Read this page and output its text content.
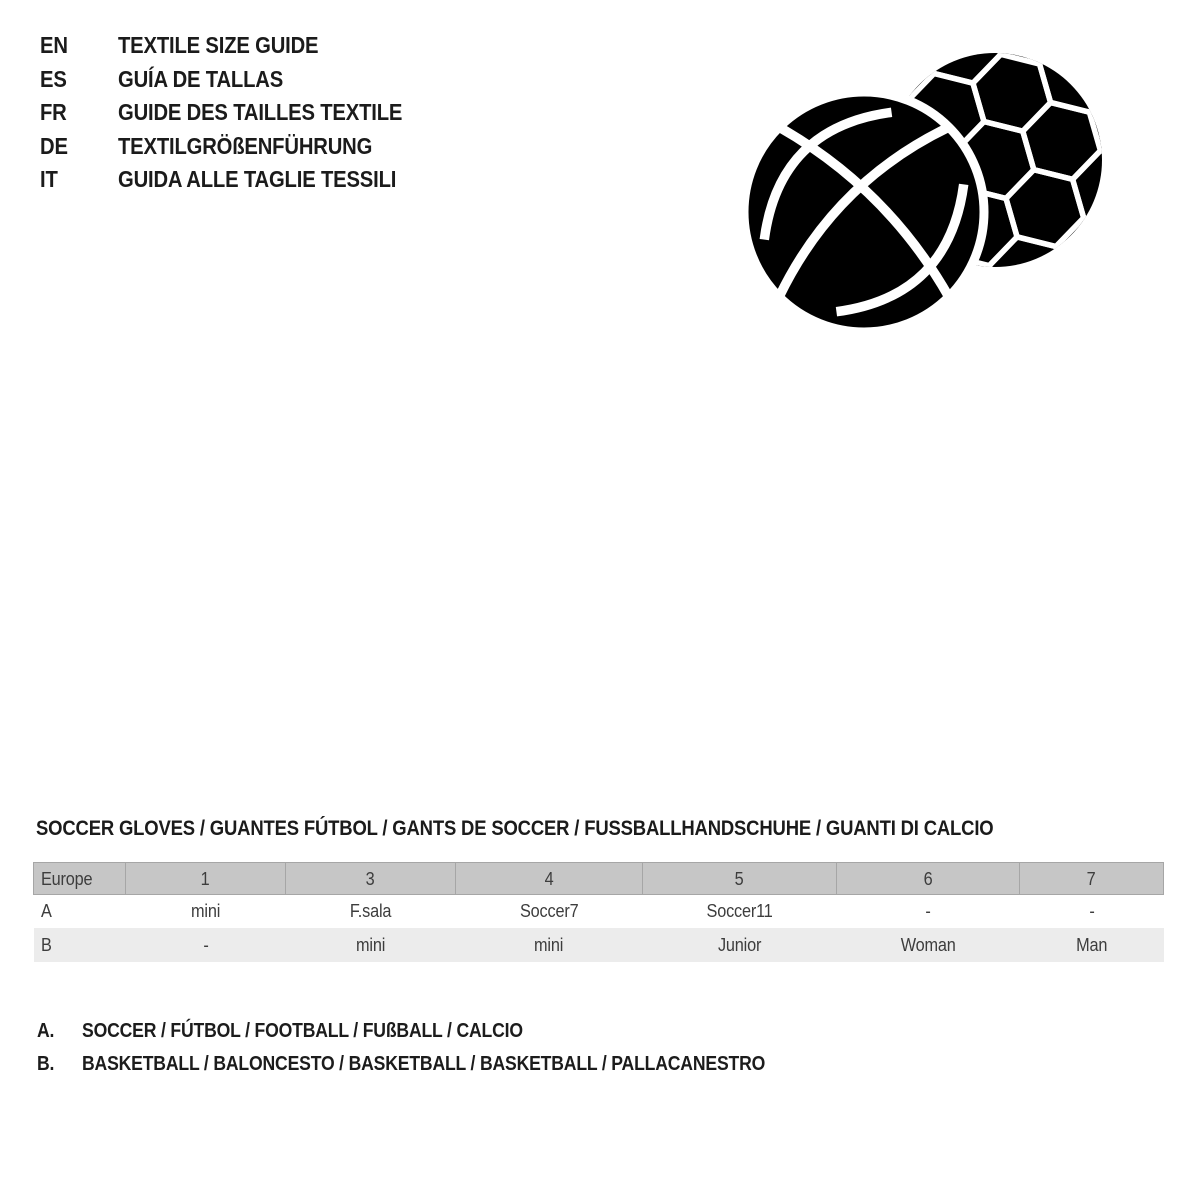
EN	TEXTILE SIZE GUIDE
ES	GUÍA DE TALLAS
FR	GUIDE DES TAILLES TEXTILE
DE	TEXTILGRÖßENFÜHRUNG
IT	GUIDA ALLE TAGLIE TESSILI
SOCCER GLOVES / GUANTES FÚTBOL / GANTS DE SOCCER / FUSSBALLHANDSCHUHE / GUANTI DI CALCIO
Europe	1	3	4	5	6	7
A	mini	F.sala	Soccer7	Soccer11	-	-
B	-	mini	mini	Junior	Woman	Man
A.	SOCCER / FÚTBOL / FOOTBALL / FUßBALL / CALCIO
B.	BASKETBALL / BALONCESTO / BASKETBALL / BASKETBALL / PALLACANESTRO
